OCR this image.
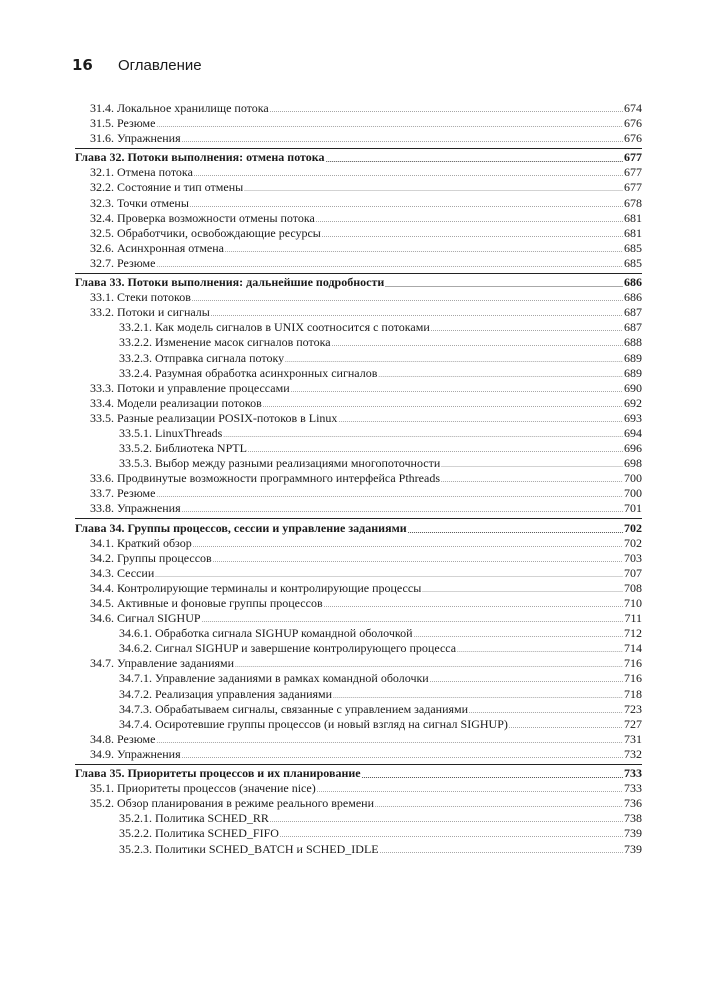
16	Оглавление
31.4. Локальное хранилище потока .....	674
31.5. Резюме .....	676
31.6. Упражнения .....	676
Глава 32. Потоки выполнения: отмена потока .....	677
32.1. Отмена потока .....	677
32.2. Состояние и тип отмены .....	677
32.3. Точки отмены .....	678
32.4. Проверка возможности отмены потока .....	681
32.5. Обработчики, освобождающие ресурсы .....	681
32.6. Асинхронная отмена .....	685
32.7. Резюме .....	685
Глава 33. Потоки выполнения: дальнейшие подробности .....	686
33.1. Стеки потоков .....	686
33.2. Потоки и сигналы .....	687
33.2.1. Как модель сигналов в UNIX соотносится с потоками .....	687
33.2.2. Изменение масок сигналов потока .....	688
33.2.3. Отправка сигнала потоку .....	689
33.2.4. Разумная обработка асинхронных сигналов .....	689
33.3. Потоки и управление процессами .....	690
33.4. Модели реализации потоков .....	692
33.5. Разные реализации POSIX-потоков в Linux .....	693
33.5.1. LinuxThreads .....	694
33.5.2. Библиотека NPTL .....	696
33.5.3. Выбор между разными реализациями многопоточности .....	698
33.6. Продвинутые возможности программного интерфейса Pthreads .....	700
33.7. Резюме .....	700
33.8. Упражнения .....	701
Глава 34. Группы процессов, сессии и управление заданиями .....	702
34.1. Краткий обзор .....	702
34.2. Группы процессов .....	703
34.3. Сессии .....	707
34.4. Контролирующие терминалы и контролирующие процессы .....	708
34.5. Активные и фоновые группы процессов .....	710
34.6. Сигнал SIGHUP .....	711
34.6.1. Обработка сигнала SIGHUP командной оболочкой .....	712
34.6.2. Сигнал SIGHUP и завершение контролирующего процесса .....	714
34.7. Управление заданиями .....	716
34.7.1. Управление заданиями в рамках командной оболочки .....	716
34.7.2. Реализация управления заданиями .....	718
34.7.3. Обрабатываем сигналы, связанные с управлением заданиями .....	723
34.7.4. Осиротевшие группы процессов (и новый взгляд на сигнал SIGHUP) .....	727
34.8. Резюме .....	731
34.9. Упражнения .....	732
Глава 35. Приоритеты процессов и их планирование .....	733
35.1. Приоритеты процессов (значение nice) .....	733
35.2. Обзор планирования в режиме реального времени .....	736
35.2.1. Политика SCHED_RR .....	738
35.2.2. Политика SCHED_FIFO .....	739
35.2.3. Политики SCHED_BATCH и SCHED_IDLE .....	739
